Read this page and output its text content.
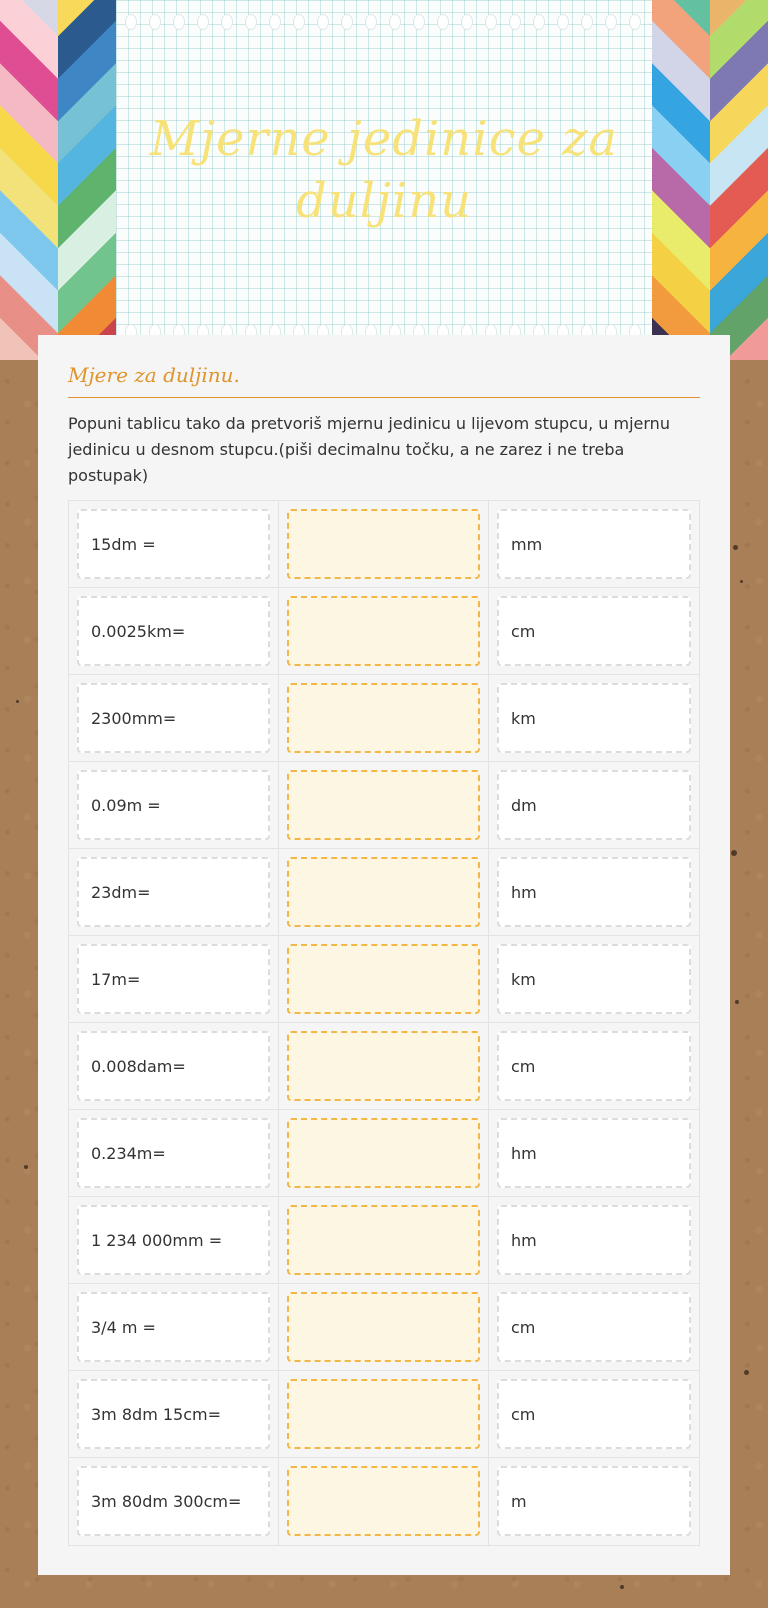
Mjerne jedinice za duljinu
Mjere za duljinu.

Popuni tablicu tako da pretvoriš mjernu jedinicu u lijevom stupcu, u mjernu jedinicu u desnom stupcu.(piši decimalnu točku, a ne zarez i ne treba postupak)

15dm =	mm
0.0025km=	cm
2300mm=	km
0.09m =	dm
23dm=	hm
17m=	km
0.008dam=	cm
0.234m=	hm
1 234 000mm =	hm
3/4 m =	cm
3m 8dm 15cm=	cm
3m 80dm 300cm=	m
